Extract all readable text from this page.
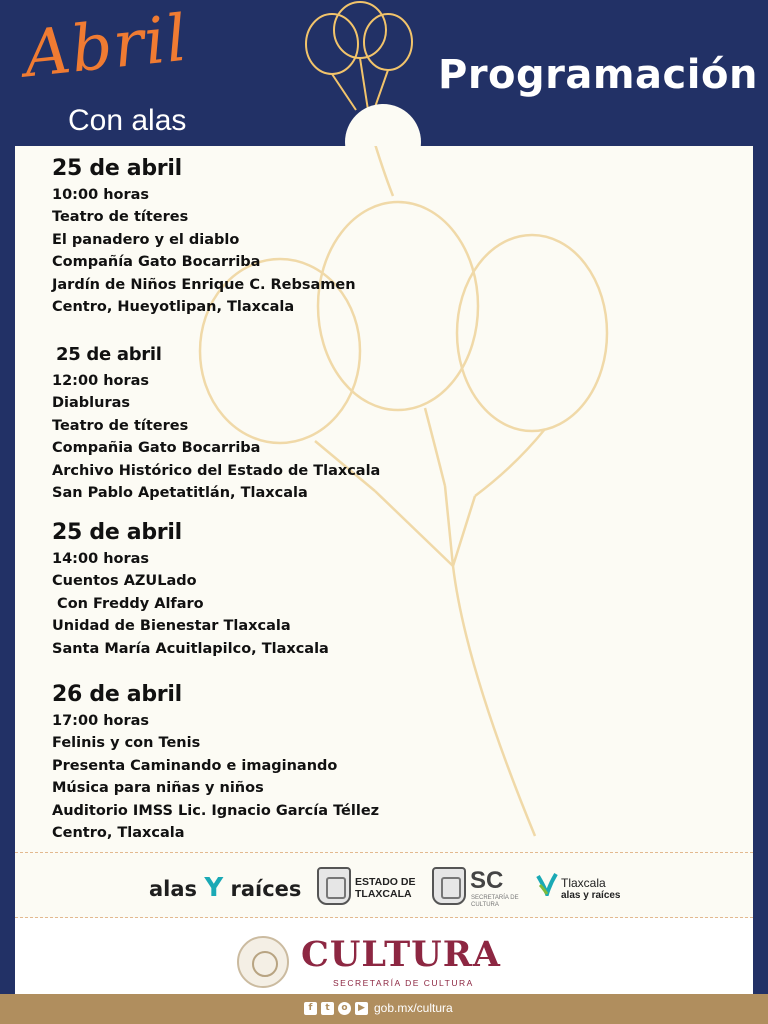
Abril
Con alas
Programación
25 de abril
10:00 horas
Teatro de títeres
El panadero y el diablo
Compañía Gato Bocarriba
Jardín de Niños Enrique C. Rebsamen
Centro, Hueyotlipan, Tlaxcala
25 de abril
12:00 horas
Diabluras
Teatro de títeres
Compañia Gato Bocarriba
Archivo Histórico del Estado de Tlaxcala
San Pablo Apetatitlán, Tlaxcala
25 de abril
14:00 horas
Cuentos AZULado
Con Freddy Alfaro
Unidad de Bienestar Tlaxcala
Santa María Acuitlapilco, Tlaxcala
26 de abril
17:00 horas
Felinis y con Tenis
Presenta Caminando e imaginando
Música para niñas y niños
Auditorio IMSS Lic. Ignacio García Téllez
Centro, Tlaxcala
alas Y raíces	ESTADO DE
TLAXCALA SC
SECRETARÍA DE
CULTURA
Tlaxcala
alas y raíces
CULTURA
SECRETARÍA DE CULTURA
f	t	o	▶ gob.mx/cultura
